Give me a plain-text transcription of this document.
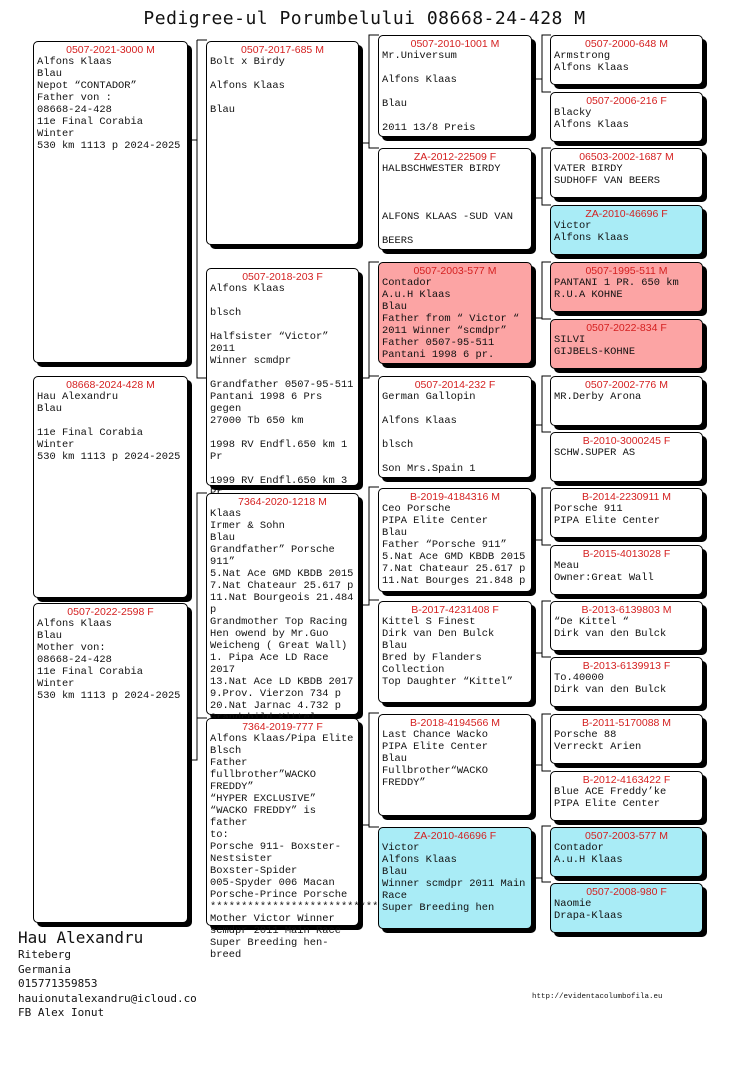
Pedigree-ul Porumbelului 08668-24-428 M
0507-2021-3000 M
Alfons Klaas
Blau
Nepot “CONTADOR”
Father von :
08668-24-428
11e Final Corabia Winter
530 km 1113 p 2024-2025
08668-2024-428 M
Hau Alexandru
Blau

11e Final Corabia Winter
530 km 1113 p 2024-2025
0507-2022-2598 F
Alfons Klaas
Blau
Mother von:
08668-24-428
11e Final Corabia Winter
530 km 1113 p 2024-2025
0507-2017-685 M
Bolt x Birdy

Alfons Klaas

Blau
0507-2018-203 F
Alfons Klaas

blsch

Halfsister “Victor” 2011
Winner scmdpr

Grandfather 0507-95-511
Pantani 1998 6 Prs gegen
27000 Tb 650 km

1998 RV Endfl.650 km 1
Pr

1999 RV Endfl.650 km 3
7364-2020-1218 M
Klaas
Irmer & Sohn
Blau
Grandfather” Porsche
911”
5.Nat Ace GMD KBDB 2015
7.Nat Chateaur 25.617 p
11.Nat Bourgeois 21.484
p
Grandmother Top Racing
Hen owend by Mr.Guo
Weicheng ( Great Wall)
1. Pipa Ace LD Race 2017
13.Nat Ace LD KBDB 2017
9.Prov. Vierzon 734 p
20.Nat Jarnac 4.732 p
7364-2019-777 F
Alfons Klaas/Pipa Elite
Blsch
Father fullbrother”WACKO
FREDDY”
“HYPER EXCLUSIVE”
“WACKO FREDDY” is father
to:
Porsche 911- Boxster-
Nestsister
Boxster-Spider
005-Spyder 006 Macan
Porsche-Prince Porsche
***************************
Mother Victor Winner
scmdpr 2011 Main Race
Super Breeding hen-breed
0507-2010-1001 M
Mr.Universum

Alfons Klaas

Blau

2011 13/8 Preis
ZA-2012-22509 F
HALBSCHWESTER BIRDY

ALFONS KLAAS -SUD VAN

BEERS
0507-2003-577 M
Contador
A.u.H Klaas
Blau
Father from “ Victor “
2011 Winner “scmdpr”
Father 0507-95-511
Pantani 1998 6 pr.
0507-2014-232 F
German Gallopin

Alfons Klaas

blsch

Son Mrs.Spain 1
B-2019-4184316 M
Ceo Porsche
PIPA Elite Center
Blau
Father “Porsche 911”
5.Nat Ace GMD KBDB 2015
7.Nat Chateaur 25.617 p
11.Nat Bourges 21.848 p
B-2017-4231408 F
Kittel S Finest
Dirk van Den Bulck
Blau
Bred by Flanders
Collection
Top Daughter “Kittel”
B-2018-4194566 M
Last Chance Wacko
PIPA Elite Center
Blau
Fullbrother“WACKO
FREDDY”
ZA-2010-46696 F
Victor
Alfons Klaas
Blau
Winner scmdpr 2011 Main
Race
Super Breeding hen
0507-2000-648 M
Armstrong
Alfons Klaas
0507-2006-216 F
Blacky
Alfons Klaas
06503-2002-1687 M
VATER BIRDY
SUDHOFF VAN BEERS
ZA-2010-46696 F
Victor
Alfons Klaas
0507-1995-511 M
PANTANI 1 PR. 650 km
R.U.A KOHNE
0507-2022-834 F
SILVI
GIJBELS-KOHNE
0507-2002-776 M
MR.Derby Arona
B-2010-3000245 F
SCHW.SUPER AS
B-2014-2230911 M
Porsche 911
PIPA Elite Center
B-2015-4013028 F
Meau
Owner:Great Wall
B-2013-6139803 M
“De Kittel “
Dirk van den Bulck
B-2013-6139913 F
To.40000
Dirk van den Bulck
B-2011-5170088 M
Porsche 88
Verreckt Arien
B-2012-4163422 F
Blue ACE Freddy’ke
PIPA Elite Center
0507-2003-577 M
Contador
A.u.H Klaas
0507-2008-980 F
Naomie
Drapa-Klaas
Hau Alexandru
Riteberg
Germania
015771359853
hauionutalexandru@icloud.co
FB Alex Ionut
http://evidentacolumbofila.eu
